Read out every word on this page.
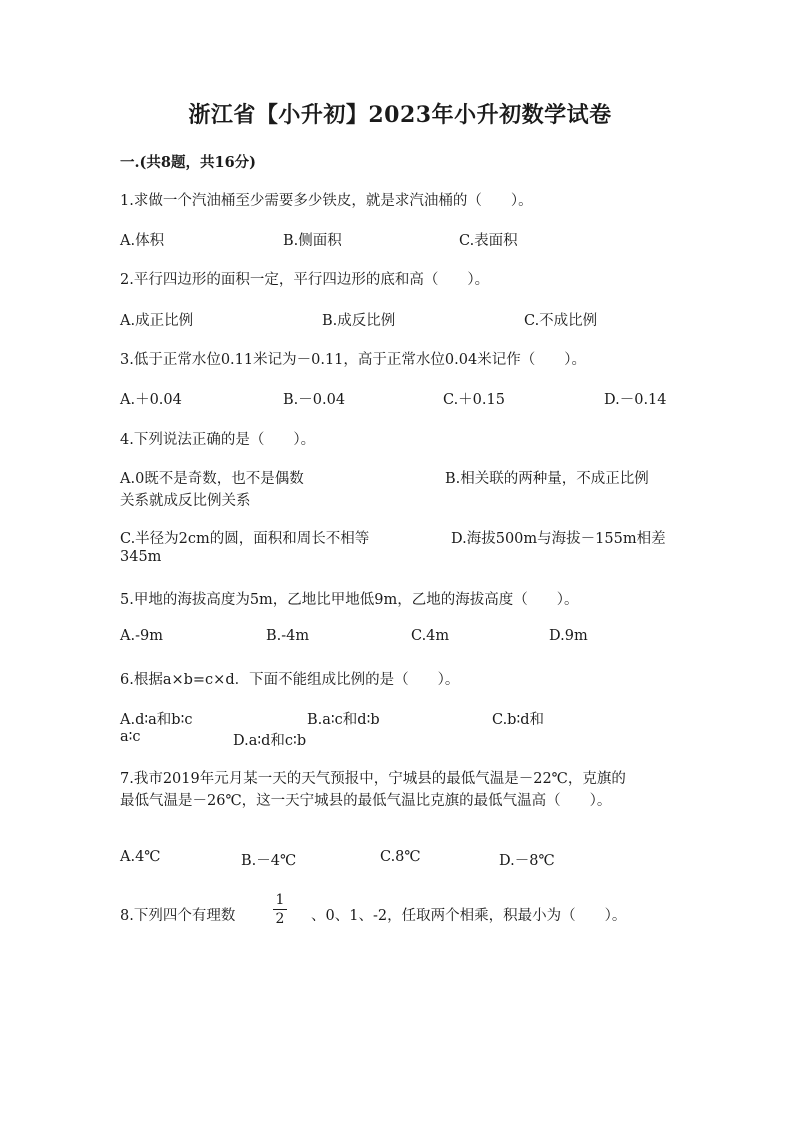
浙江省【小升初】2023年小升初数学试卷
一.(共8题，共16分)
1.求做一个汽油桶至少需要多少铁皮，就是求汽油桶的（　　）。
A.体积	B.侧面积	C.表面积
2.平行四边形的面积一定，平行四边形的底和高（　　）。
A.成正比例	B.成反比例	C.不成比例
3.低于正常水位0.11米记为－0.11，高于正常水位0.04米记作（　　）。
A.＋0.04	B.－0.04	C.＋0.15	D.－0.14
4.下列说法正确的是（　　）。
A.0既不是奇数，也不是偶数	B.相关联的两种量，不成正比例
关系就成反比例关系
C.半径为2cm的圆，面积和周长不相等	D.海拔500m与海拔－155m相差
345m
5.甲地的海拔高度为5m，乙地比甲地低9m，乙地的海拔高度（　　）。
A.-9m	B.-4m	C.4m	D.9m
6.根据a×b=c×d．下面不能组成比例的是（　　）。
A.d∶a和b∶c	B.a∶c和d∶b	C.b∶d和
a∶c	D.a∶d和c∶b
7.我市2019年元月某一天的天气预报中，宁城县的最低气温是－22℃，克旗的
最低气温是－26℃，这一天宁城县的最低气温比克旗的最低气温高（　　）。
A.4℃	B.－4℃	C.8℃	D.－8℃
8.下列四个有理数
1
2 、0、1、-2，任取两个相乘，积最小为（　　）。
